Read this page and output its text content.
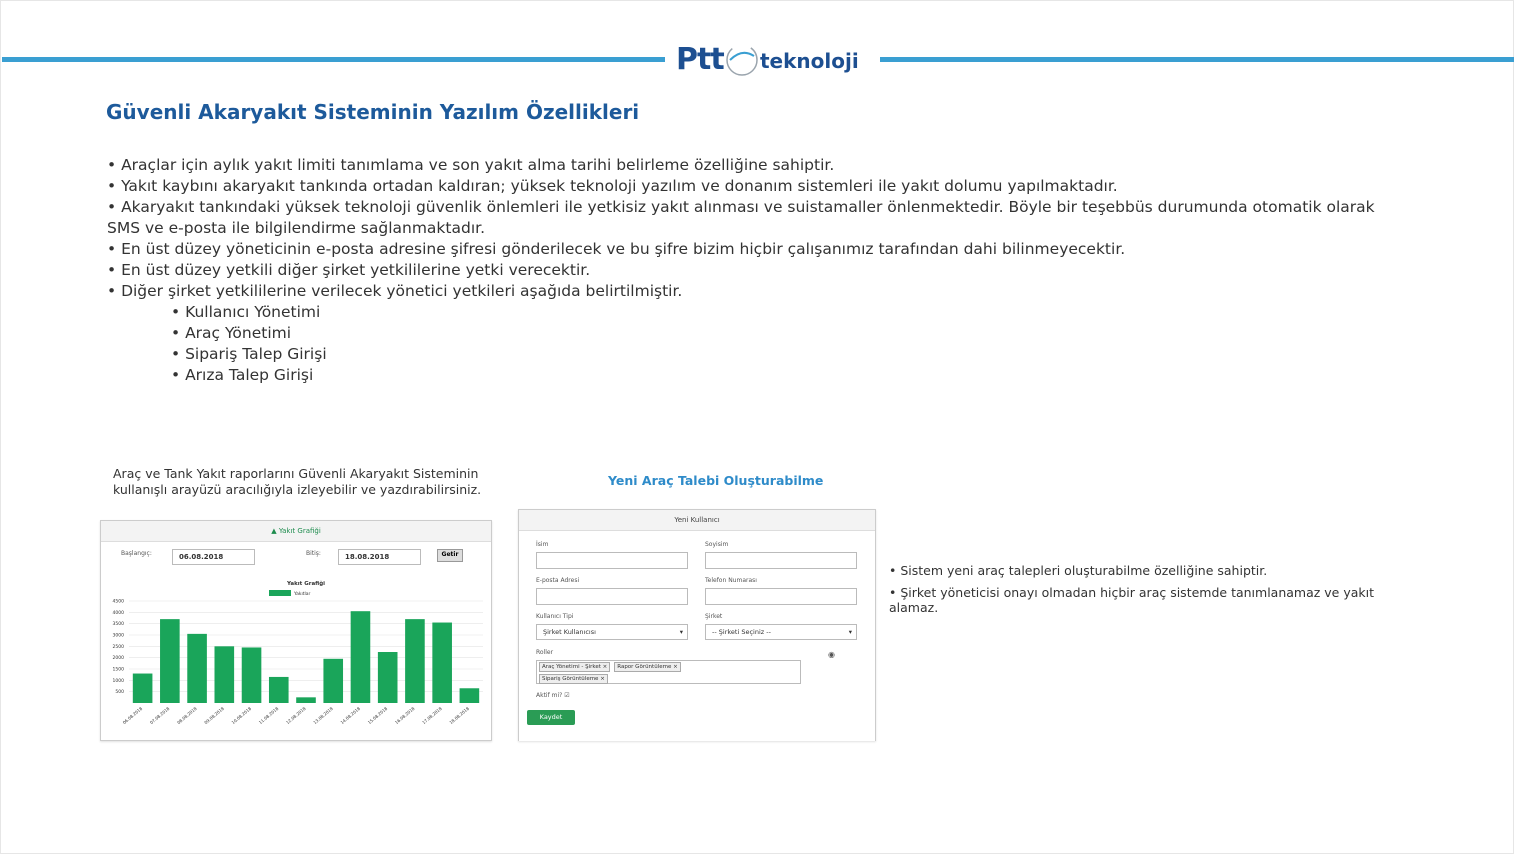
Ptt teknoloji
Güvenli Akaryakıt Sisteminin Yazılım Özellikleri

• Araçlar için aylık yakıt limiti tanımlama ve son yakıt alma tarihi belirleme özelliğine sahiptir.

• Yakıt kaybını akaryakıt tankında ortadan kaldıran; yüksek teknoloji yazılım ve donanım sistemleri ile yakıt dolumu yapılmaktadır.

• Akaryakıt tankındaki yüksek teknoloji güvenlik önlemleri ile yetkisiz yakıt alınması ve suistamaller önlenmektedir. Böyle bir teşebbüs durumunda otomatik olarak SMS ve e-posta ile bilgilendirme sağlanmaktadır.

• En üst düzey yöneticinin e-posta adresine şifresi gönderilecek ve bu şifre bizim hiçbir çalışanımız tarafından dahi bilinmeyecektir.

• En üst düzey yetkili diğer şirket yetkililerine yetki verecektir.

• Diğer şirket yetkililerine verilecek yönetici yetkileri aşağıda belirtilmiştir.

• Kullanıcı Yönetimi

• Araç Yönetimi

• Sipariş Talep Girişi

• Arıza Talep Girişi

Araç ve Tank Yakıt raporlarını Güvenli Akaryakıt Sisteminin kullanışlı arayüzü aracılığıyla izleyebilir ve yazdırabilirsiniz.
Yeni Araç Talebi Oluşturabilme
▲ Yakıt Grafiği
Başlangıç:	06.08.2018	Bitiş:	18.08.2018	Getir
Yakıt Grafiği
Yakıtlar
500
1000
1500
2000
2500
3000
3500
4000
4500
06.08.2018 07.08.2018 08.08.2018 09.08.2018 10.08.2018 11.08.2018 12.08.2018 13.08.2018 14.08.2018 15.08.2018 16.08.2018 17.08.2018 18.08.2018
Yeni Kullanıcı
İsim	Soyisim
E-posta Adresi	Telefon Numarası
Kullanıcı Tipi
Şirket Kullanıcısı	▾
Şirket
-- Şirketi Seçiniz --	▾
Roller	◉
Araç Yönetimi - Şirket × Rapor Görüntüleme ×
Sipariş Görüntüleme ×
Aktif mi? ☑
Kaydet

• Sistem yeni araç talepleri oluşturabilme özelliğine sahiptir.

• Şirket yöneticisi onayı olmadan hiçbir araç sistemde tanımlanamaz ve yakıt alamaz.
